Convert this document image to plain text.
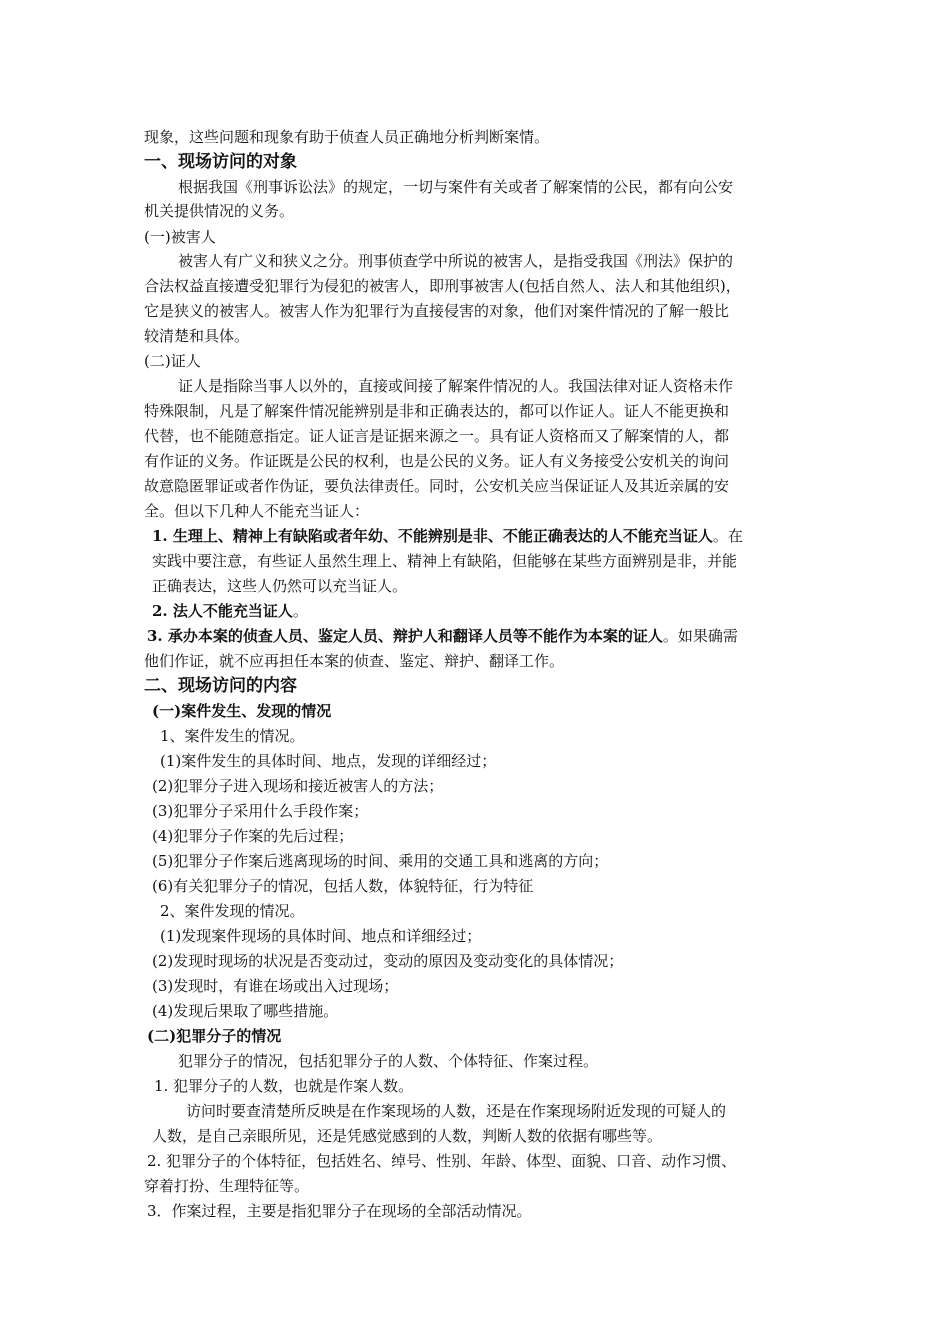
现象，这些问题和现象有助于侦查人员正确地分析判断案情。
一、现场访问的对象
根据我国《刑事诉讼法》的规定，一切与案件有关或者了解案情的公民，都有向公安
机关提供情况的义务。
(一)被害人
被害人有广义和狭义之分。刑事侦查学中所说的被害人，是指受我国《刑法》保护的
合法权益直接遭受犯罪行为侵犯的被害人，即刑事被害人(包括自然人、法人和其他组织)，
它是狭义的被害人。被害人作为犯罪行为直接侵害的对象，他们对案件情况的了解一般比
较清楚和具体。
(二)证人
证人是指除当事人以外的，直接或间接了解案件情况的人。我国法律对证人资格未作
特殊限制，凡是了解案件情况能辨别是非和正确表达的，都可以作证人。证人不能更换和
代替，也不能随意指定。证人证言是证据来源之一。具有证人资格而又了解案情的人，都
有作证的义务。作证既是公民的权利，也是公民的义务。证人有义务接受公安机关的询问
故意隐匿罪证或者作伪证，要负法律责任。同时，公安机关应当保证证人及其近亲属的安
全。但以下几种人不能充当证人：
1. 生理上、精神上有缺陷或者年幼、不能辨别是非、不能正确表达的人不能充当证人。在
实践中要注意，有些证人虽然生理上、精神上有缺陷，但能够在某些方面辨别是非，并能
正确表达，这些人仍然可以充当证人。
2. 法人不能充当证人。
3. 承办本案的侦查人员、鉴定人员、辩护人和翻译人员等不能作为本案的证人。如果确需
他们作证，就不应再担任本案的侦查、鉴定、辩护、翻译工作。
二、现场访问的内容
(一)案件发生、发现的情况
1、案件发生的情况。
(1)案件发生的具体时间、地点，发现的详细经过；
(2)犯罪分子进入现场和接近被害人的方法；
(3)犯罪分子采用什么手段作案；
(4)犯罪分子作案的先后过程；
(5)犯罪分子作案后逃离现场的时间、乘用的交通工具和逃离的方向；
(6)有关犯罪分子的情况，包括人数，体貌特征，行为特征
2、案件发现的情况。
(1)发现案件现场的具体时间、地点和详细经过；
(2)发现时现场的状况是否变动过，变动的原因及变动变化的具体情况；
(3)发现时，有谁在场或出入过现场；
(4)发现后果取了哪些措施。
(二)犯罪分子的情况
犯罪分子的情况，包括犯罪分子的人数、个体特征、作案过程。
1. 犯罪分子的人数，也就是作案人数。
访问时要查清楚所反映是在作案现场的人数，还是在作案现场附近发现的可疑人的
人数，是自己亲眼所见，还是凭感觉感到的人数，判断人数的依据有哪些等。
2. 犯罪分子的个体特征，包括姓名、绰号、性别、年龄、体型、面貌、口音、动作习惯、
穿着打扮、生理特征等。
3．作案过程，主要是指犯罪分子在现场的全部活动情况。
